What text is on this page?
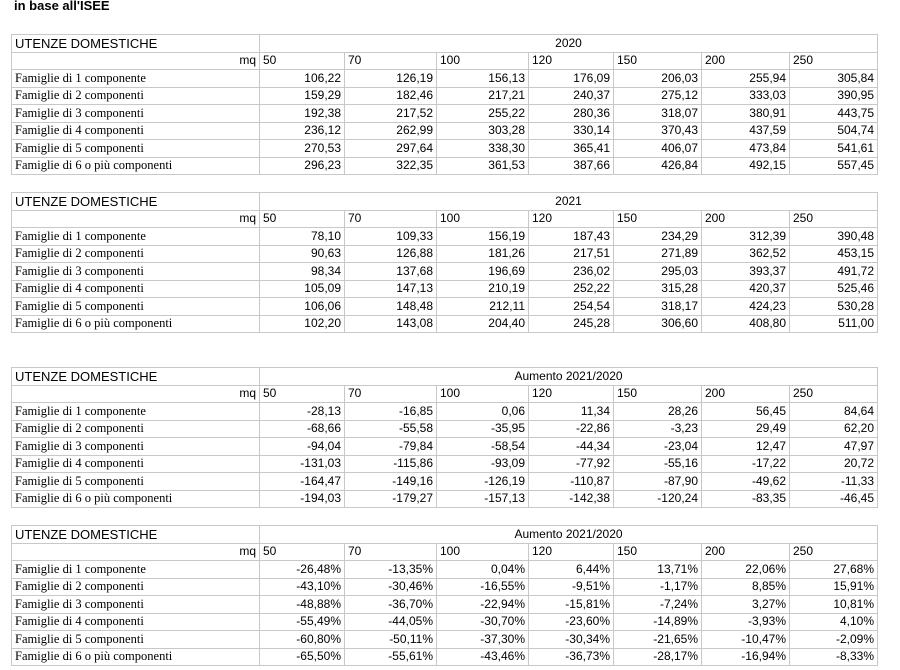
in base all'ISEE
UTENZE DOMESTICHE	2020						
mq	50	70	100	120	150	200	250
Famiglie di 1 componente	106,22	126,19	156,13	176,09	206,03	255,94	305,84
Famiglie di 2 componenti	159,29	182,46	217,21	240,37	275,12	333,03	390,95
Famiglie di 3 componenti	192,38	217,52	255,22	280,36	318,07	380,91	443,75
Famiglie di 4 componenti	236,12	262,99	303,28	330,14	370,43	437,59	504,74
Famiglie di 5 componenti	270,53	297,64	338,30	365,41	406,07	473,84	541,61
Famiglie di 6 o più componenti	296,23	322,35	361,53	387,66	426,84	492,15	557,45
UTENZE DOMESTICHE	2021						
mq	50	70	100	120	150	200	250
Famiglie di 1 componente	78,10	109,33	156,19	187,43	234,29	312,39	390,48
Famiglie di 2 componenti	90,63	126,88	181,26	217,51	271,89	362,52	453,15
Famiglie di 3 componenti	98,34	137,68	196,69	236,02	295,03	393,37	491,72
Famiglie di 4 componenti	105,09	147,13	210,19	252,22	315,28	420,37	525,46
Famiglie di 5 componenti	106,06	148,48	212,11	254,54	318,17	424,23	530,28
Famiglie di 6 o più componenti	102,20	143,08	204,40	245,28	306,60	408,80	511,00
UTENZE DOMESTICHE	Aumento 2021/2020						
mq	50	70	100	120	150	200	250
Famiglie di 1 componente	-28,13	-16,85	0,06	11,34	28,26	56,45	84,64
Famiglie di 2 componenti	-68,66	-55,58	-35,95	-22,86	-3,23	29,49	62,20
Famiglie di 3 componenti	-94,04	-79,84	-58,54	-44,34	-23,04	12,47	47,97
Famiglie di 4 componenti	-131,03	-115,86	-93,09	-77,92	-55,16	-17,22	20,72
Famiglie di 5 componenti	-164,47	-149,16	-126,19	-110,87	-87,90	-49,62	-11,33
Famiglie di 6 o più componenti	-194,03	-179,27	-157,13	-142,38	-120,24	-83,35	-46,45
UTENZE DOMESTICHE	Aumento 2021/2020						
mq	50	70	100	120	150	200	250
Famiglie di 1 componente	-26,48%	-13,35%	0,04%	6,44%	13,71%	22,06%	27,68%
Famiglie di 2 componenti	-43,10%	-30,46%	-16,55%	-9,51%	-1,17%	8,85%	15,91%
Famiglie di 3 componenti	-48,88%	-36,70%	-22,94%	-15,81%	-7,24%	3,27%	10,81%
Famiglie di 4 componenti	-55,49%	-44,05%	-30,70%	-23,60%	-14,89%	-3,93%	4,10%
Famiglie di 5 componenti	-60,80%	-50,11%	-37,30%	-30,34%	-21,65%	-10,47%	-2,09%
Famiglie di 6 o più componenti	-65,50%	-55,61%	-43,46%	-36,73%	-28,17%	-16,94%	-8,33%
